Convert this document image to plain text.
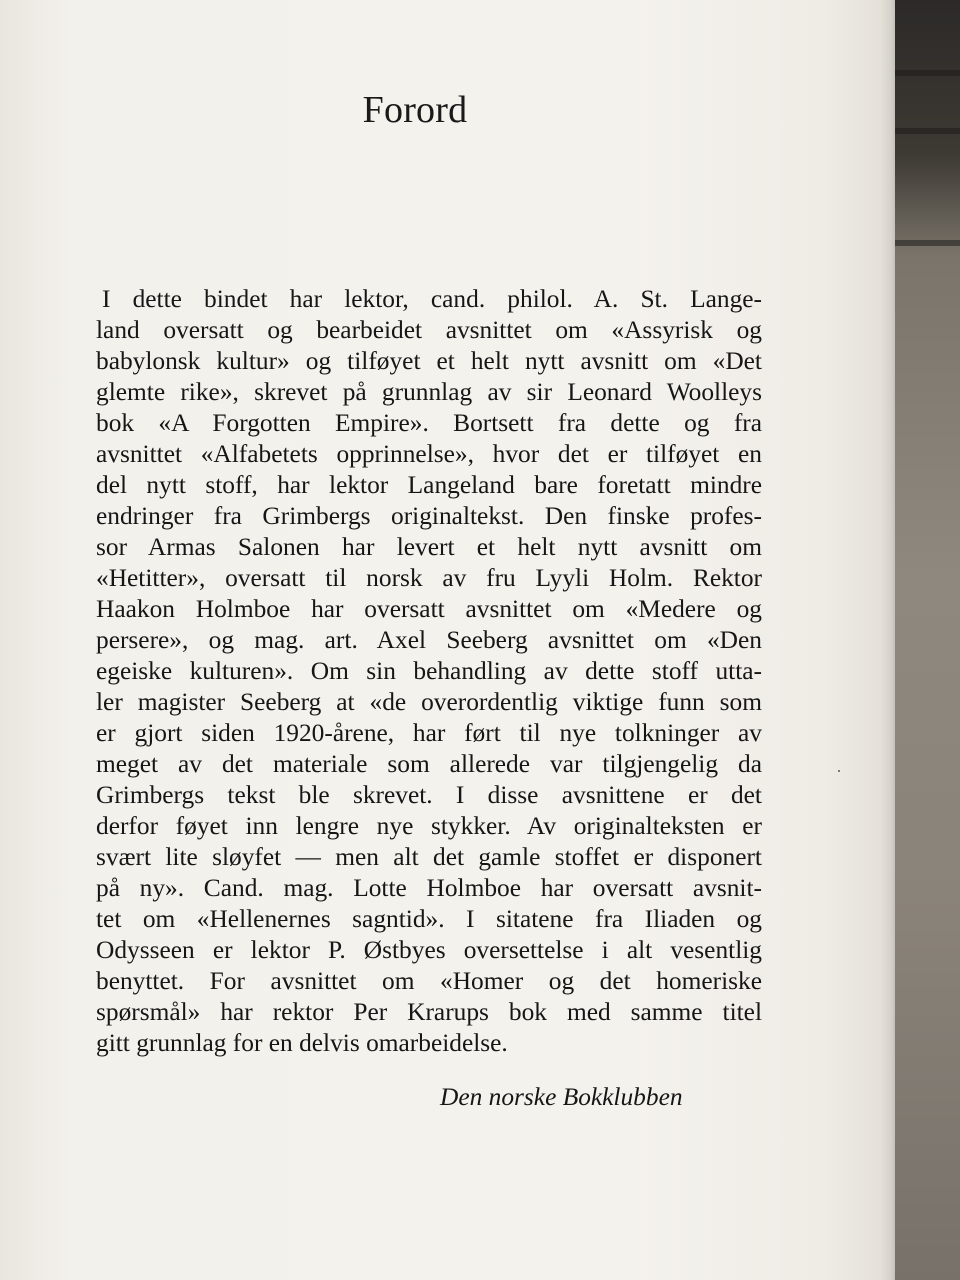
Forord
I dette bindet har lektor, cand. philol. A. St. Lange-
land oversatt og bearbeidet avsnittet om «Assyrisk og
babylonsk kultur» og tilføyet et helt nytt avsnitt om «Det
glemte rike», skrevet på grunnlag av sir Leonard Woolleys
bok «A Forgotten Empire». Bortsett fra dette og fra
avsnittet «Alfabetets opprinnelse», hvor det er tilføyet en
del nytt stoff, har lektor Langeland bare foretatt mindre
endringer fra Grimbergs originaltekst. Den finske profes-
sor Armas Salonen har levert et helt nytt avsnitt om
«Hetitter», oversatt til norsk av fru Lyyli Holm. Rektor
Haakon Holmboe har oversatt avsnittet om «Medere og
persere», og mag. art. Axel Seeberg avsnittet om «Den
egeiske kulturen». Om sin behandling av dette stoff utta-
ler magister Seeberg at «de overordentlig viktige funn som
er gjort siden 1920-årene, har ført til nye tolkninger av
meget av det materiale som allerede var tilgjengelig da
Grimbergs tekst ble skrevet. I disse avsnittene er det
derfor føyet inn lengre nye stykker. Av originalteksten er
svært lite sløyfet — men alt det gamle stoffet er disponert
på ny». Cand. mag. Lotte Holmboe har oversatt avsnit-
tet om «Hellenernes sagntid». I sitatene fra Iliaden og
Odysseen er lektor P. Østbyes oversettelse i alt vesentlig
benyttet. For avsnittet om «Homer og det homeriske
spørsmål» har rektor Per Krarups bok med samme titel
gitt grunnlag for en delvis omarbeidelse.
Den norske Bokklubben
